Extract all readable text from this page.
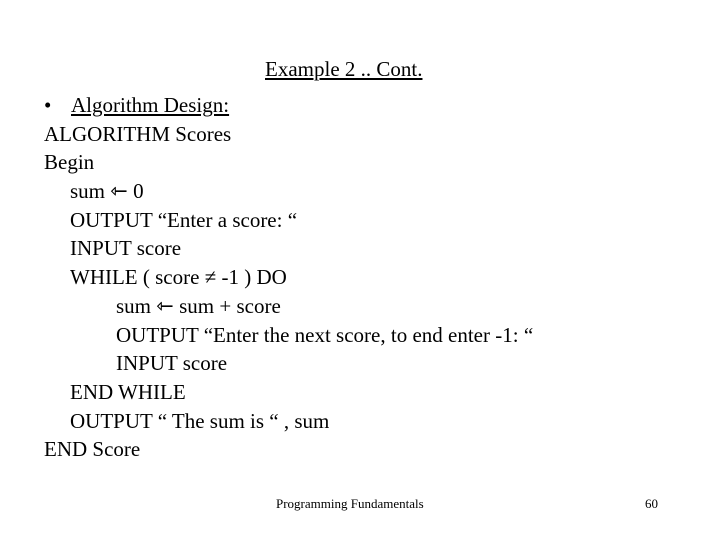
Example 2 .. Cont.
• Algorithm Design:
ALGORITHM Scores
Begin
sum ⇽ 0
OUTPUT “Enter a score: “
INPUT score
WHILE ( score ≠ -1 ) DO
sum ⇽ sum + score
OUTPUT “Enter the next score, to end enter -1: “
INPUT score
END WHILE
OUTPUT “ The sum is “ , sum
END Score
Programming Fundamentals	60
